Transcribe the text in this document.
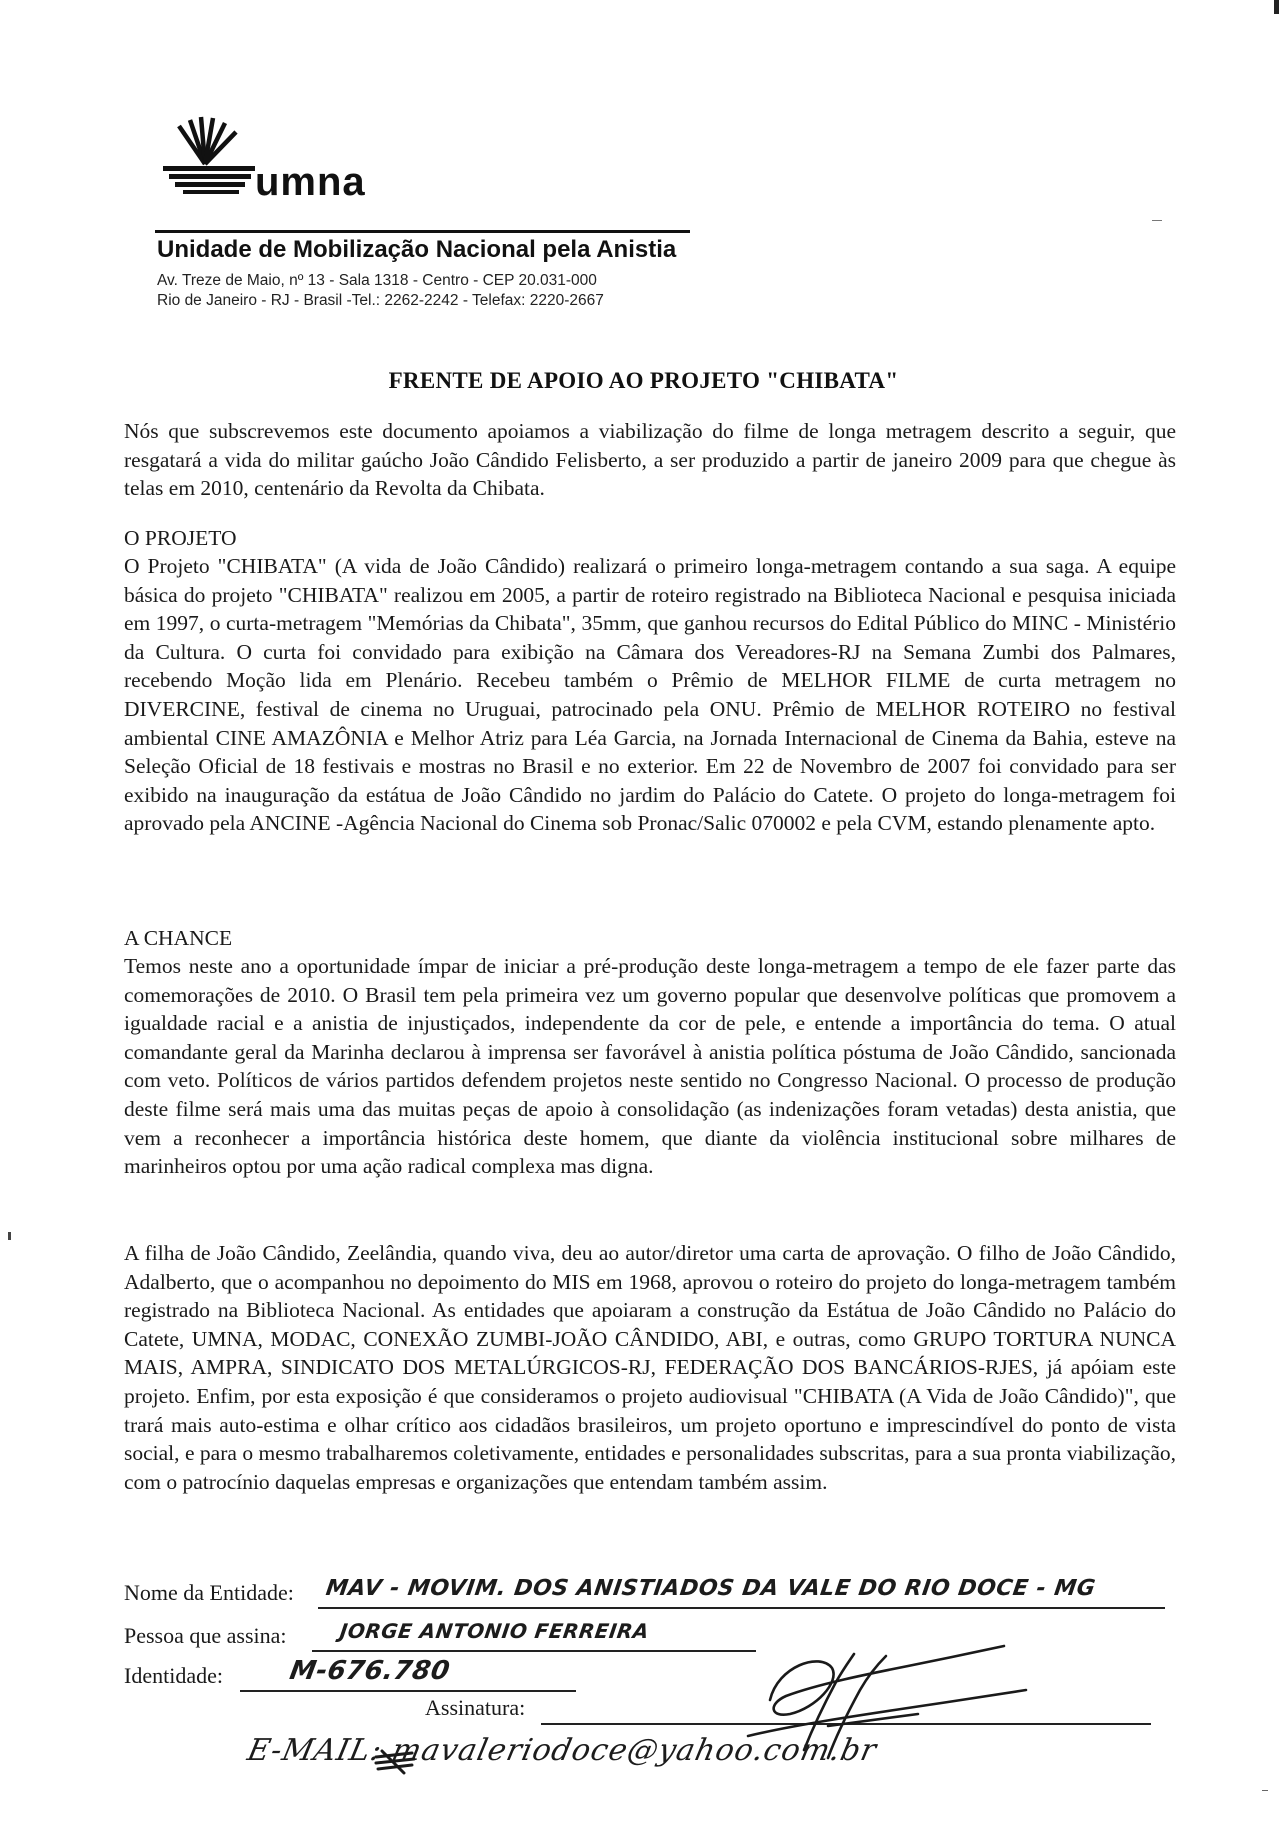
umna
Unidade de Mobilização Nacional pela Anistia
Av. Treze de Maio, nº 13 - Sala 1318 - Centro - CEP 20.031-000
Rio de Janeiro - RJ - Brasil -Tel.: 2262-2242 - Telefax: 2220-2667
FRENTE DE APOIO AO PROJETO "CHIBATA"

Nós que subscrevemos este documento apoiamos a viabilização do filme de longa metragem descrito a seguir, que resgatará a vida do militar gaúcho João Cândido Felisberto, a ser produzido a partir de janeiro 2009 para que chegue às telas em 2010, centenário da Revolta da Chibata.

O PROJETO

O Projeto "CHIBATA" (A vida de João Cândido) realizará o primeiro longa-metragem contando a sua saga. A equipe básica do projeto "CHIBATA" realizou em 2005, a partir de roteiro registrado na Biblioteca Nacional e pesquisa iniciada em 1997, o curta-metragem "Memórias da Chibata", 35mm, que ganhou recursos do Edital Público do MINC - Ministério da Cultura. O curta foi convidado para exibição na Câmara dos Vereadores-RJ na Semana Zumbi dos Palmares, recebendo Moção lida em Plenário. Recebeu também o Prêmio de MELHOR FILME de curta metragem no DIVERCINE, festival de cinema no Uruguai, patrocinado pela ONU. Prêmio de MELHOR ROTEIRO no festival ambiental CINE AMAZÔNIA e Melhor Atriz para Léa Garcia, na Jornada Internacional de Cinema da Bahia, esteve na Seleção Oficial de 18 festivais e mostras no Brasil e no exterior. Em 22 de Novembro de 2007 foi convidado para ser exibido na inauguração da estátua de João Cândido no jardim do Palácio do Catete. O projeto do longa-metragem foi aprovado pela ANCINE -Agência Nacional do Cinema sob Pronac/Salic 070002 e pela CVM, estando plenamente apto.

A CHANCE

Temos neste ano a oportunidade ímpar de iniciar a pré-produção deste longa-metragem a tempo de ele fazer parte das comemorações de 2010. O Brasil tem pela primeira vez um governo popular que desenvolve políticas que promovem a igualdade racial e a anistia de injustiçados, independente da cor de pele, e entende a importância do tema. O atual comandante geral da Marinha declarou à imprensa ser favorável à anistia política póstuma de João Cândido, sancionada com veto. Políticos de vários partidos defendem projetos neste sentido no Congresso Nacional. O processo de produção deste filme será mais uma das muitas peças de apoio à consolidação (as indenizações foram vetadas) desta anistia, que vem a reconhecer a importância histórica deste homem, que diante da violência institucional sobre milhares de marinheiros optou por uma ação radical complexa mas digna.

A filha de João Cândido, Zeelândia, quando viva, deu ao autor/diretor uma carta de aprovação. O filho de João Cândido, Adalberto, que o acompanhou no depoimento do MIS em 1968, aprovou o roteiro do projeto do longa-metragem também registrado na Biblioteca Nacional. As entidades que apoiaram a construção da Estátua de João Cândido no Palácio do Catete, UMNA, MODAC, CONEXÃO ZUMBI-JOÃO CÂNDIDO, ABI, e outras, como GRUPO TORTURA NUNCA MAIS, AMPRA, SINDICATO DOS METALÚRGICOS-RJ, FEDERAÇÃO DOS BANCÁRIOS-RJES, já apóiam este projeto. Enfim, por esta exposição é que consideramos o projeto audiovisual "CHIBATA (A Vida de João Cândido)", que trará mais auto-estima e olhar crítico aos cidadãos brasileiros, um projeto oportuno e imprescindível do ponto de vista social, e para o mesmo trabalharemos coletivamente, entidades e personalidades subscritas, para a sua pronta viabilização, com o patrocínio daquelas empresas e organizações que entendam também assim.

Nome da Entidade: MAV - MOVIM. DOS ANISTIADOS DA VALE DO RIO DOCE - MG
Pessoa que assina:	JORGE ANTONIO FERREIRA
Identidade: M-676.780
Assinatura:
E-MAIL: mavaleriodoce@yahoo.com.br
